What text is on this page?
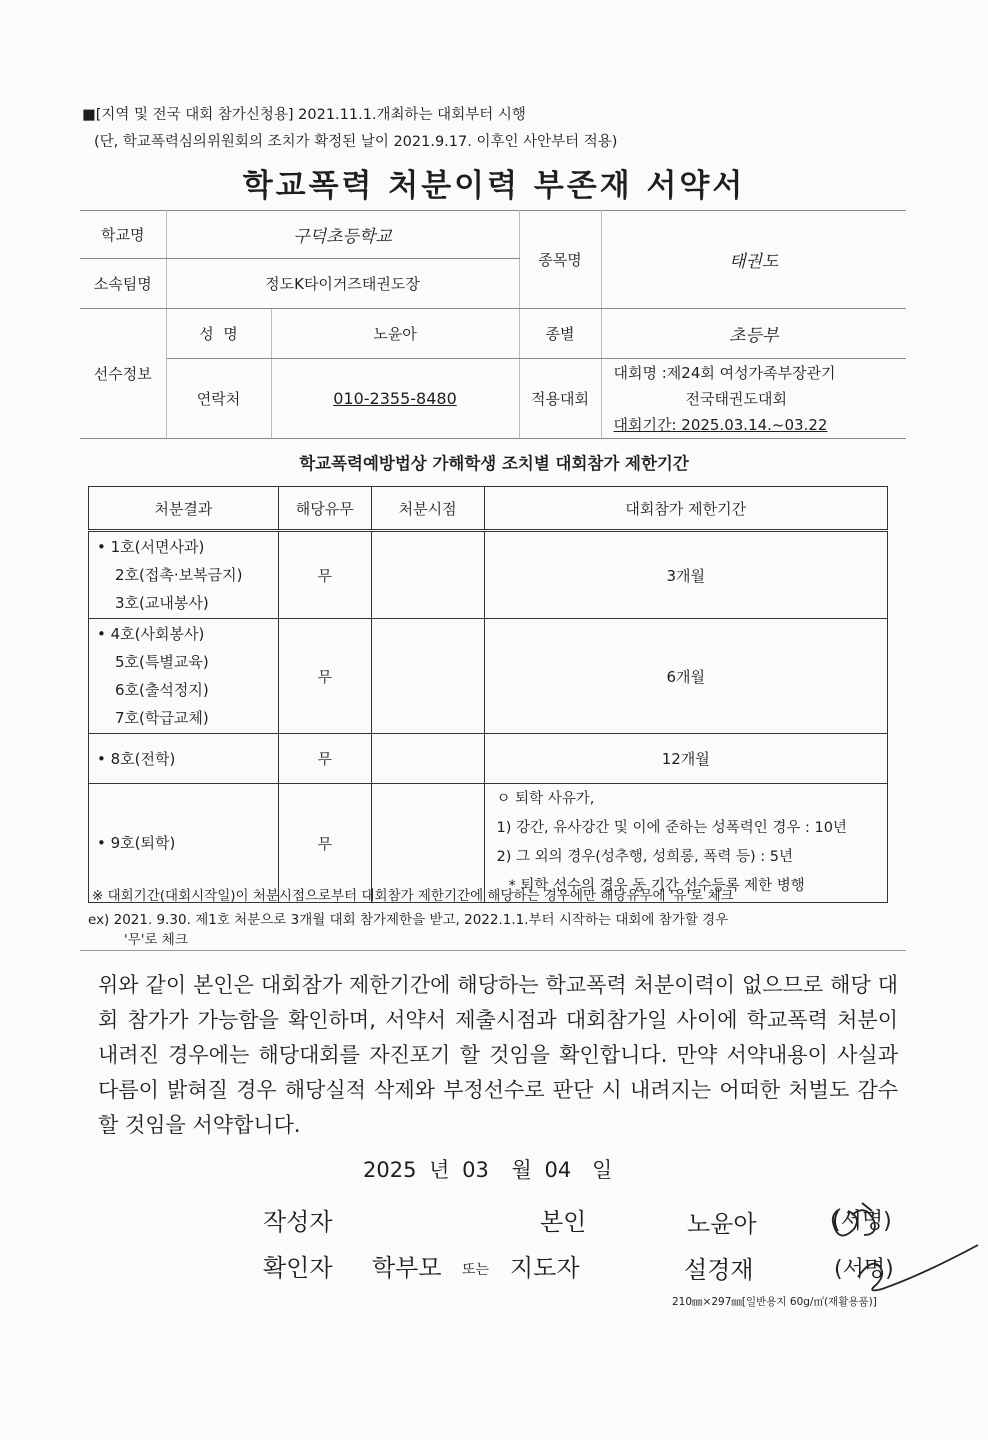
■[지역 및 전국 대회 참가신청용] 2021.11.1.개최하는 대회부터 시행
(단, 학교폭력심의위원회의 조치가 확정된 날이 2021.9.17. 이후인 사안부터 적용)
학교폭력 처분이력 부존재 서약서
학교명	구덕초등학교		종목명	태권도
소속팀명	정도K타이거즈태권도장			
선수정보	성  명	노윤아	종별	초등부
	연락처	010-2355-8480	적용대회	대회명 :제24회 여성가족부장관기
전국태권도대회
대회기간: 2025.03.14.~03.22
학교폭력예방법상 가해학생 조치별 대회참가 제한기간
처분결과	해당유무	처분시점	대회참가 제한기간

• 1호(서면사과)
2호(접촉·보복금지)
3호(교내봉사)	무		3개월

• 4호(사회봉사)
5호(특별교육)
6호(출석정지)
7호(학급교체)	무		6개월

• 8호(전학)	무		12개월

• 9호(퇴학)	무		ㅇ 퇴학 사유가,
1) 강간, 유사강간 및 이에 준하는 성폭력인 경우 : 10년
2) 그 외의 경우(성추행, 성희롱, 폭력 등) : 5년
* 퇴학 선수의 경우 동 기간 선수등록 제한 병행
※ 대회기간(대회시작일)이 처분시점으로부터 대회참가 제한기간에 해당하는 경우에만 해당유무에 '유'로 체크
ex) 2021. 9.30. 제1호 처분으로 3개월 대회 참가제한을 받고, 2022.1.1.부터 시작하는 대회에 참가할 경우
'무'로 체크
위와 같이 본인은 대회참가 제한기간에 해당하는 학교폭력 처분이력이 없으므로 해당 대회 참가가 가능함을 확인하며, 서약서 제출시점과 대회참가일 사이에 학교폭력 처분이 내려진 경우에는 해당대회를 자진포기 할 것임을 확인합니다. 만약 서약내용이 사실과 다름이 밝혀질 경우 해당실적 삭제와 부정선수로 판단 시 내려지는 어떠한 처벌도 감수할 것임을 서약합니다.
2025 년 03 월 04 일
작성자	본인	노윤아	(서명)
확인자 학부모 또는 지도자	설경재	(서명)
210㎜×297㎜[일반용지 60g/㎡(재활용품)]
